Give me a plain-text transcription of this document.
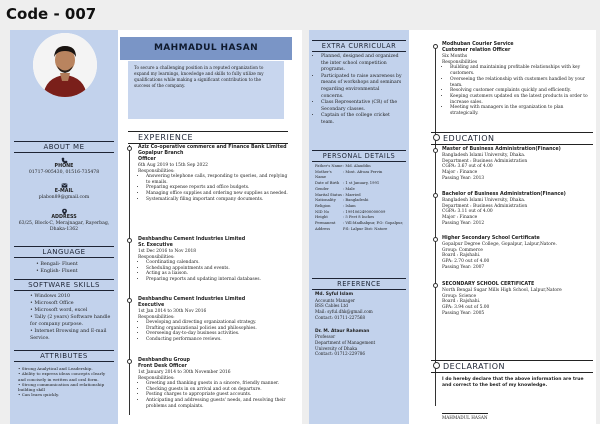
Code - 007
ABOUT ME
PHONE
01717-905430, 01516-735478
E-MAIL
plabon89@gmail.com
ADDRESS
63/25, Block-C, Merajnagar, Rayerbag, Dhaka-1362
LANGUAGE
• Bengali- Fluent
• English- Fluent
SOFTWARE SKILLS
• Windows 2010
• Microsoft Office
• Microsoft word, excel
• Tally (2 years) Software handle for company purpose.
• Internet Browsing and E-mail Service.
ATTRIBUTES
• Strong Analytical and Leadership.
• Ability to express ideas concepts clearly and concisely in written and oral form.
• Strong communication and relationship building skill
• Can learn quickly.
MAHMADUL HASAN
To secure a challenging position in a reputed organization to expand my learnings, knowledge and skills to fully utilize my qualifications while making a significant contribution to the success of the company.
EXPERIENCE
Aziz Co-operative commerce and Finance Bank Limited Gopalpur Branch
Officer
6th Aug 2019 to 15th Sep 2022
Responsibilities:
• Answering telephone calls, responding to queries, and replying to emails.
• Preparing expense reports and office budgets.
• Managing office supplies and ordering new supplies as needed.
• Systematically filing important company documents.
Deshbandhu Cement Industries Limited
Sr. Executive
1st Dec 2016 to Nov 2018
Responsibilities:
• Coordinating calendars.
• Scheduling appointments and events.
• Acting as a liaison.
• Preparing reports and updating internal databases.
Deshbandhu Cement Industries Limited
Executive
1st Jan 2014 to 30th Nov 2016
Responsibilities:
• Developing and directing organizational strategy.
• Drafting organizational policies and philosophies.
• Overseeing day-to-day business activities.
• Conducting performance reviews.
Deshbandhu Group
Front Desk Officer
1st January 2014 to 30th November 2016
Responsibilities:
• Greeting and thanking guests in a sincere, friendly manner.
• Checking guests in on arrival and out on departure.
• Posting charges to appropriate guest accounts.
• Anticipating and addressing guests' needs, and resolving their problems and complaints.
EXTRA CURRICULAR
• Planned, designed and organized the inter school competition programs.
• Participated to raise awareness by means of workshops and seminars regarding environmental concerns.
• Class Representative (CR) of the Secondary classes.
• Captain of the college cricket team.
PERSONAL DETAILS
Father's Name : Md. Alauddin
Mother's Name
: Most. Afroza Pervin
Date of Birth	: 1 st January, 1991
Gender	: Male
Marital Status : Married
Nationality	: Bangladeshi
Religion	: Islam
NID No	: 19910624900000009
Height	: 5 Feet 8 Inches
Permanent Address
: Vill:Madhabpur, P.O: Gopalpur, P.S: Lalpur Dist: Natore
REFERENCE
Md. Syful Islam
Accounts Manager
BSS Cables Ltd
Mail: syful.dhk@gmail.com
Contact: 01711-227568
Dr. M. Ataur Rahaman
Professor
Department of Management
University of Dhaka
Contact: 01712-229786
Modhuban Courier Service
Customer relation Officer
Six Months
Responsibilities
• Building and maintaining profitable relationships with key customers.
• Overseeing the relationship with customers handled by your team.
• Resolving customer complaints quickly and efficiently.
• Keeping customers updated on the latest products in order to increase sales.
• Meeting with managers in the organization to plan strategically.
EDUCATION
Master of Business Administration(Finance)
Bangladesh Islami University, Dhaka.
Department : Business Administration
CGPA: 3.67 out of 4.00
Major : Finance
Passing Year: 2013
Bachelor of Business Administration(Finance)
Bangladesh Islami University, Dhaka.
Department : Business Administration
CGPA: 3.11 out of 4.00
Major : Finance
Passing Year: 2012
Higher Secondary School Certificate
Gopalpur Degree College, Gopalpur, Lalpur,Natore.
Group: Commerce
Board : Rajshahi.
GPA: 2.70 out of 4.00
Passing Year: 2007
SECONDARY SCHOOL CERTIFICATE
North Bengal Sugar Mills High School, Lalpur,Natore
Group: Science
Board : Rajshahi.
GPA: 3.94 out of 5.00
Passing Year: 2005
DECLARATION
I do hereby declare that the above information are true and correct to the best of my knowledge.
MAHMADUL HASAN
